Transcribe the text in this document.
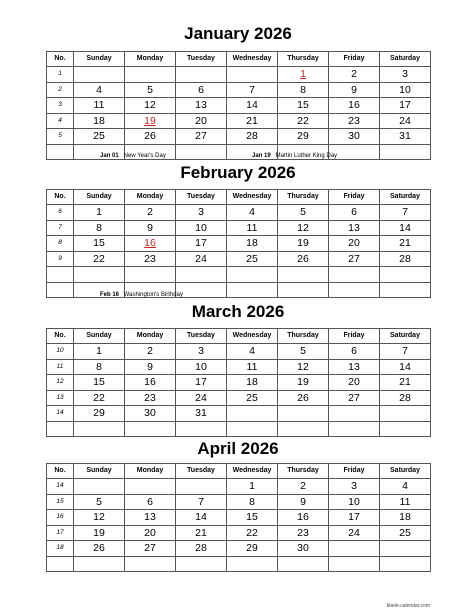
January 2026
No.	Sunday	Monday	Tuesday	Wednesday	Thursday	Friday	Saturday
1					1	2	3
2	4	5	6	7	8	9	10
3	11	12	13	14	15	16	17
4	18	19	20	21	22	23	24
5	25	26	27	28	29	30	31

Jan 01 New Year's Day	Jan 19 Martin Luther King Day
February 2026
No.	Sunday	Monday	Tuesday	Wednesday	Thursday	Friday	Saturday
6	1	2	3	4	5	6	7
7	8	9	10	11	12	13	14
8	15	16	17	18	19	20	21
9	22	23	24	25	26	27	28

Feb 16 Washington's Birthday
March 2026
No.	Sunday	Monday	Tuesday	Wednesday	Thursday	Friday	Saturday
10	1	2	3	4	5	6	7
11	8	9	10	11	12	13	14
12	15	16	17	18	19	20	21
13	22	23	24	25	26	27	28
14	29	30	31				

April 2026
No.	Sunday	Monday	Tuesday	Wednesday	Thursday	Friday	Saturday
14				1	2	3	4
15	5	6	7	8	9	10	11
16	12	13	14	15	16	17	18
17	19	20	21	22	23	24	25
18	26	27	28	29	30		

blank-calendar.com
